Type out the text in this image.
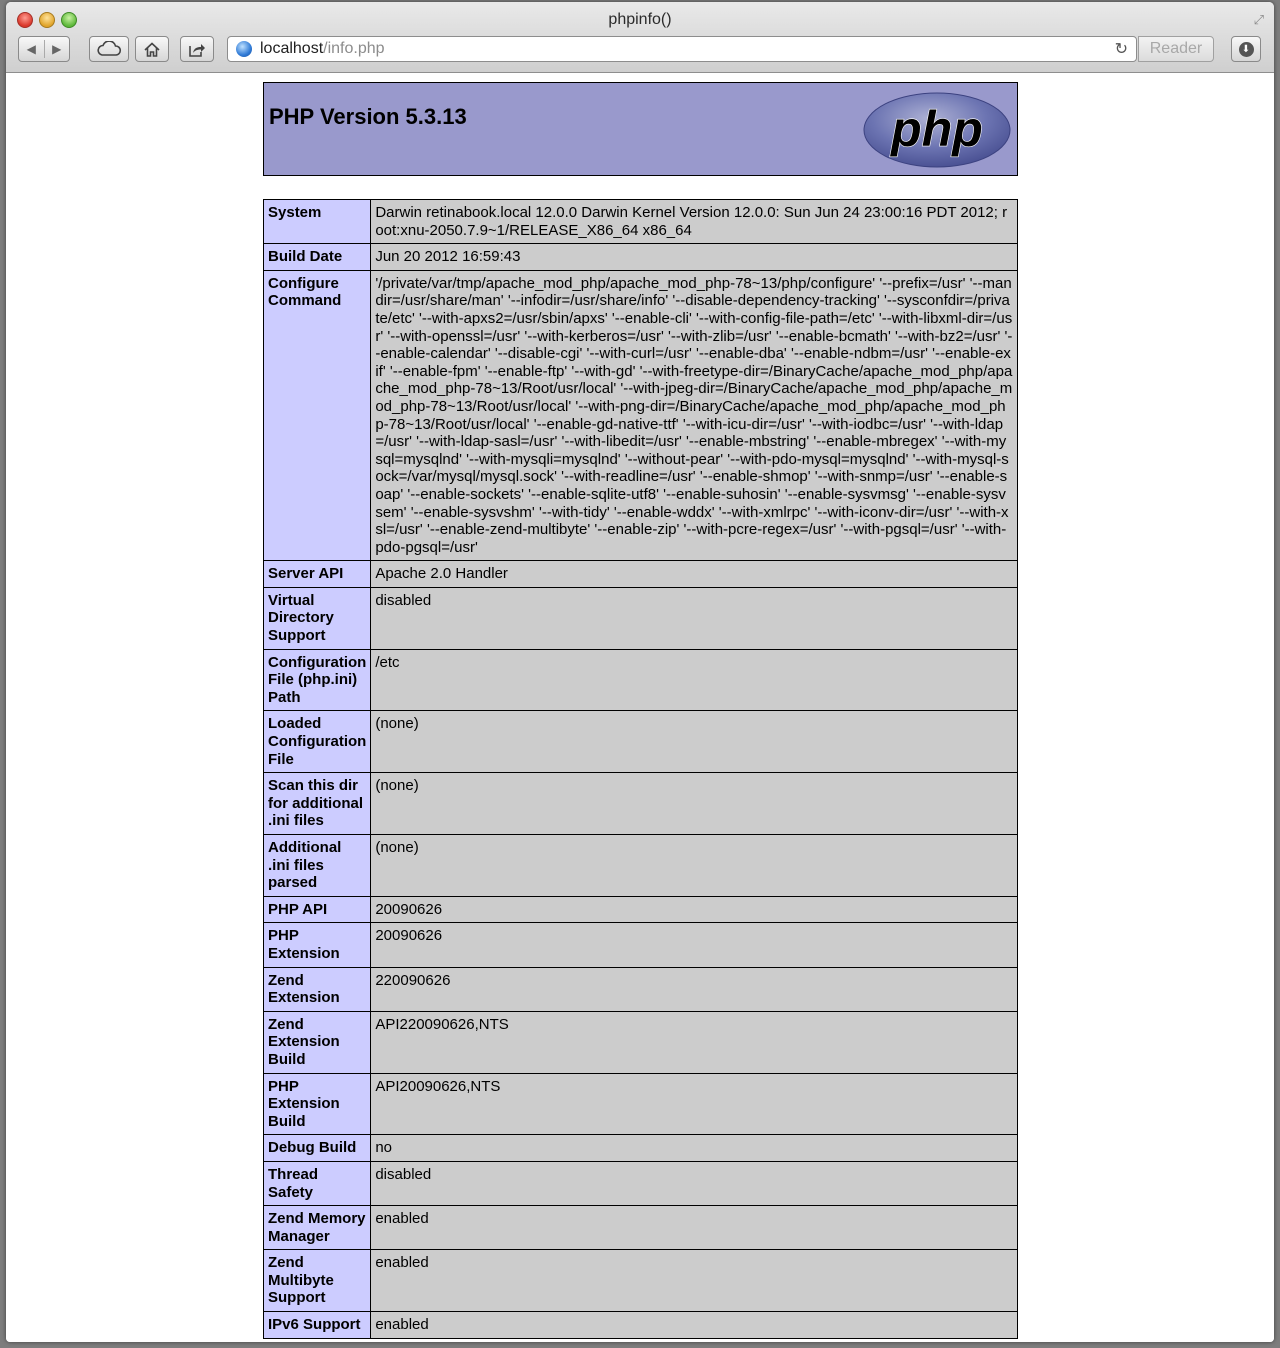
phpinfo()	⤢
◀	▶	localhost /info.php	↻	Reader	⬇
PHP Version 5.3.13	php
System	Darwin retinabook.local 12.0.0 Darwin Kernel Version 12.0.0: Sun Jun 24 23:00:16 PDT 2012; root:xnu-2050.7.9~1/RELEASE_X86_64 x86_64
Build Date	Jun 20 2012 16:59:43
Configure Command	'/private/var/tmp/apache_mod_php/apache_mod_php-78~13/php/configure' '--prefix=/usr' '--mandir=/usr/share/man' '--infodir=/usr/share/info' '--disable-dependency-tracking' '--sysconfdir=/private/etc' '--with-apxs2=/usr/sbin/apxs' '--enable-cli' '--with-config-file-path=/etc' '--with-libxml-dir=/usr' '--with-openssl=/usr' '--with-kerberos=/usr' '--with-zlib=/usr' '--enable-bcmath' '--with-bz2=/usr' '--enable-calendar' '--disable-cgi' '--with-curl=/usr' '--enable-dba' '--enable-ndbm=/usr' '--enable-exif' '--enable-fpm' '--enable-ftp' '--with-gd' '--with-freetype-dir=/BinaryCache/apache_mod_php/apache_mod_php-78~13/Root/usr/local' '--with-jpeg-dir=/BinaryCache/apache_mod_php/apache_mod_php-78~13/Root/usr/local' '--with-png-dir=/BinaryCache/apache_mod_php/apache_mod_php-78~13/Root/usr/local' '--enable-gd-native-ttf' '--with-icu-dir=/usr' '--with-iodbc=/usr' '--with-ldap=/usr' '--with-ldap-sasl=/usr' '--with-libedit=/usr' '--enable-mbstring' '--enable-mbregex' '--with-mysql=mysqlnd' '--with-mysqli=mysqlnd' '--without-pear' '--with-pdo-mysql=mysqlnd' '--with-mysql-sock=/var/mysql/mysql.sock' '--with-readline=/usr' '--enable-shmop' '--with-snmp=/usr' '--enable-soap' '--enable-sockets' '--enable-sqlite-utf8' '--enable-suhosin' '--enable-sysvmsg' '--enable-sysvsem' '--enable-sysvshm' '--with-tidy' '--enable-wddx' '--with-xmlrpc' '--with-iconv-dir=/usr' '--with-xsl=/usr' '--enable-zend-multibyte' '--enable-zip' '--with-pcre-regex=/usr' '--with-pgsql=/usr' '--with-pdo-pgsql=/usr'
Server API	Apache 2.0 Handler
Virtual Directory Support	disabled
Configuration File (php.ini) Path	/etc
Loaded Configuration File	(none)
Scan this dir for additional .ini files	(none)
Additional .ini files parsed	(none)
PHP API	20090626
PHP Extension	20090626
Zend Extension	220090626
Zend Extension Build	API220090626,NTS
PHP Extension Build	API20090626,NTS
Debug Build	no
Thread Safety	disabled
Zend Memory Manager	enabled
Zend Multibyte Support	enabled
IPv6 Support	enabled
